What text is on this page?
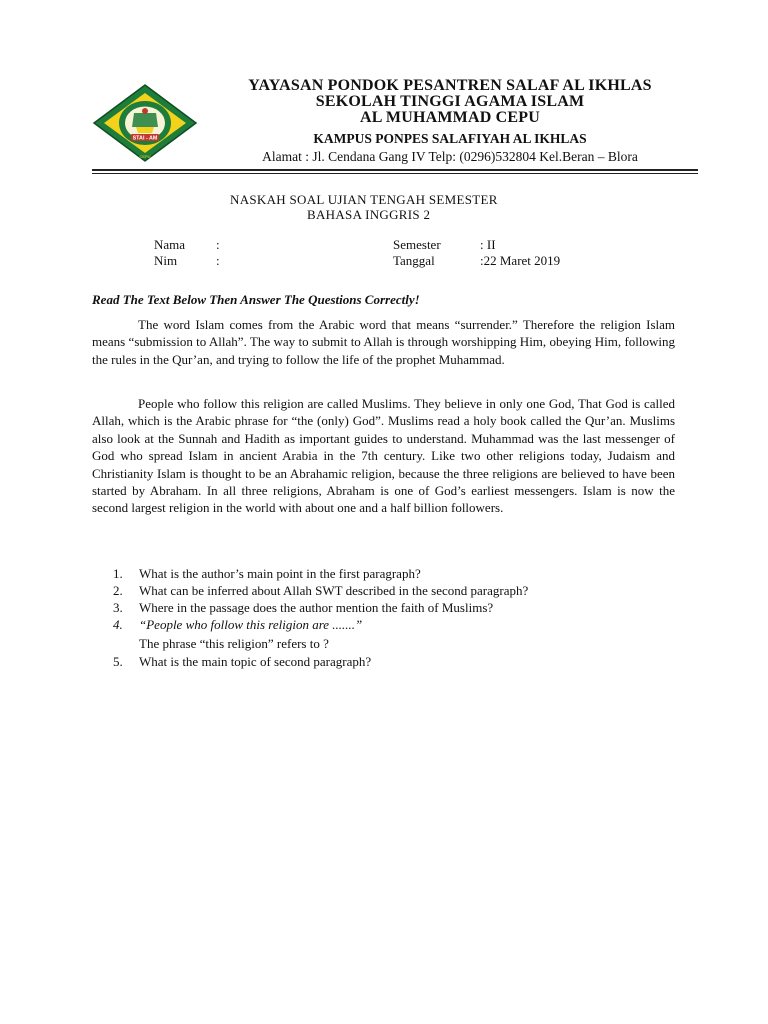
STAI - AM
CEPU
YAYASAN PONDOK PESANTREN SALAF AL IKHLAS
SEKOLAH TINGGI AGAMA ISLAM
AL MUHAMMAD CEPU
KAMPUS PONPES SALAFIYAH AL IKHLAS
Alamat : Jl. Cendana Gang IV Telp: (0296)532804 Kel.Beran – Blora
NASKAH SOAL UJIAN TENGAH SEMESTER
BAHASA INGGRIS 2
Nama :
Nim	:
Semester	: II
Tanggal	:22 Maret 2019
Read The Text Below Then Answer The Questions Correctly!

The word Islam comes from the Arabic word that means “surrender.” Therefore the religion Islam means “submission to Allah”. The way to submit to Allah is through worshipping Him, obeying Him, following the rules in the Qur’an, and trying to follow the life of the prophet Muhammad.

People who follow this religion are called Muslims. They believe in only one God, That God is called Allah, which is the Arabic phrase for “the (only) God”. Muslims read a holy book called the Qur’an. Muslims also look at the Sunnah and Hadith as important guides to understand. Muhammad was the last messenger of God who spread Islam in ancient Arabia in the 7th century. Like two other religions today, Judaism and Christianity Islam is thought to be an Abrahamic religion, because the three religions are believed to have been started by Abraham. In all three religions, Abraham is one of God’s earliest messengers. Islam is now the second largest religion in the world with about one and a half billion followers.

1.	What is the author’s main point in the first paragraph?
2.	What can be inferred about Allah SWT described in the second paragraph?
3.	Where in the passage does the author mention the faith of Muslims?
4.	“People who follow this religion are .......”
The phrase “this religion” refers to ?
5.	What is the main topic of second paragraph?
